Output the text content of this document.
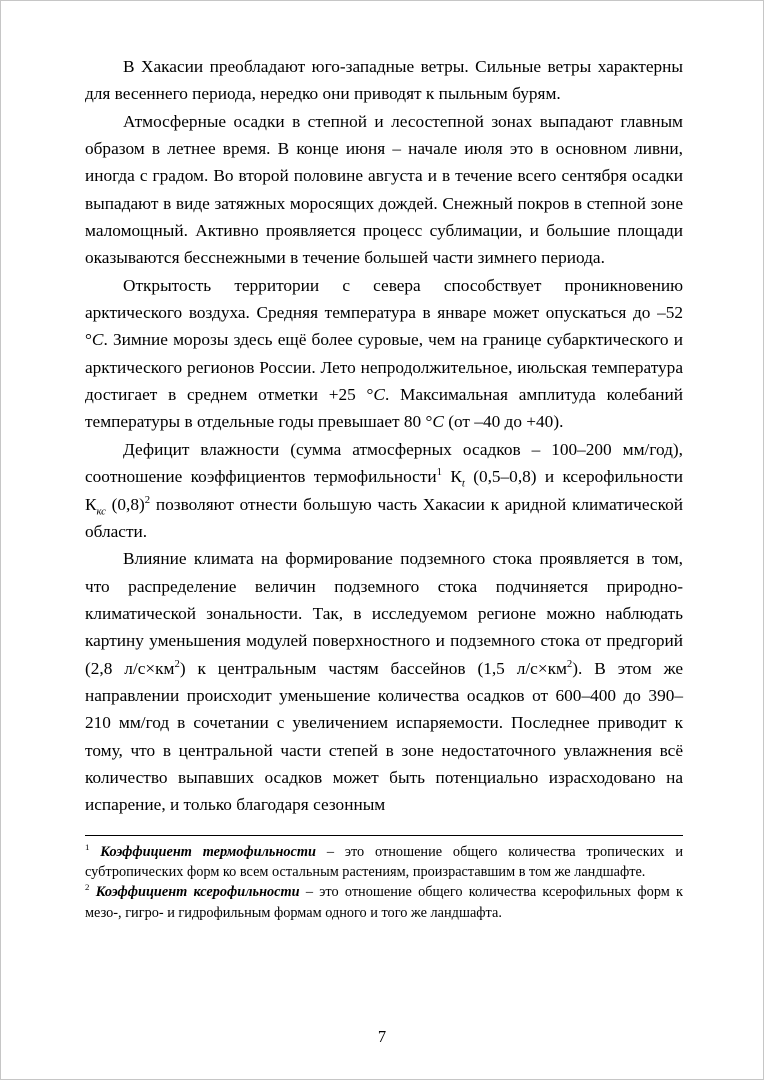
В Хакасии преобладают юго-западные ветры. Сильные ветры характерны для весеннего периода, нередко они приводят к пыльным бурям.

Атмосферные осадки в степной и лесостепной зонах выпадают главным образом в летнее время. В конце июня – начале июля это в основном ливни, иногда с градом. Во второй половине августа и в течение всего сентября осадки выпадают в виде затяжных моросящих дождей. Снежный покров в степной зоне маломощный. Активно проявляется процесс сублимации, и большие площади оказываются бесснежными в течение большей части зимнего периода.

Открытость территории с севера способствует проникновению арктического воздуха. Средняя температура в январе может опускаться до –52 °С. Зимние морозы здесь ещё более суровые, чем на границе субарктического и арктического регионов России. Лето непродолжительное, июльская температура достигает в среднем отметки +25 °С. Максимальная амплитуда колебаний температуры в отдельные годы превышает 80 °С (от –40 до +40).

Дефицит влажности (сумма атмосферных осадков – 100–200 мм/год), соотношение коэффициентов термофильности$^1$ $К_t$ (0,5–0,8) и ксерофильности $К_{кс}$ $(0,8)^2$ позволяют отнести большую часть Хакасии к аридной климатической области.

Влияние климата на формирование подземного стока проявляется в том, что распределение величин подземного стока подчиняется природно-климатической зональности. Так, в исследуемом регионе можно наблюдать картину уменьшения модулей поверхностного и подземного стока от предгорий (2,8 $л/с\times км^2$) к центральным частям бассейнов (1,5 $л/с\times км^2$). В этом же направлении происходит уменьшение количества осадков от 600–400 до 390–210 мм/год в сочетании с увеличением испаряемости. Последнее приводит к тому, что в центральной части степей в зоне недостаточного увлажнения всё количество выпавших осадков может быть потенциально израсходовано на испарение, и только благодаря сезонным

$^1$ Коэффициент термофильности – это отношение общего количества тропических и субтропических форм ко всем остальным растениям, произраставшим в том же ландшафте.

$^2$ Коэффициент ксерофильности – это отношение общего количества ксерофильных форм к мезо-, гигро- и гидрофильным формам одного и того же ландшафта.

7
